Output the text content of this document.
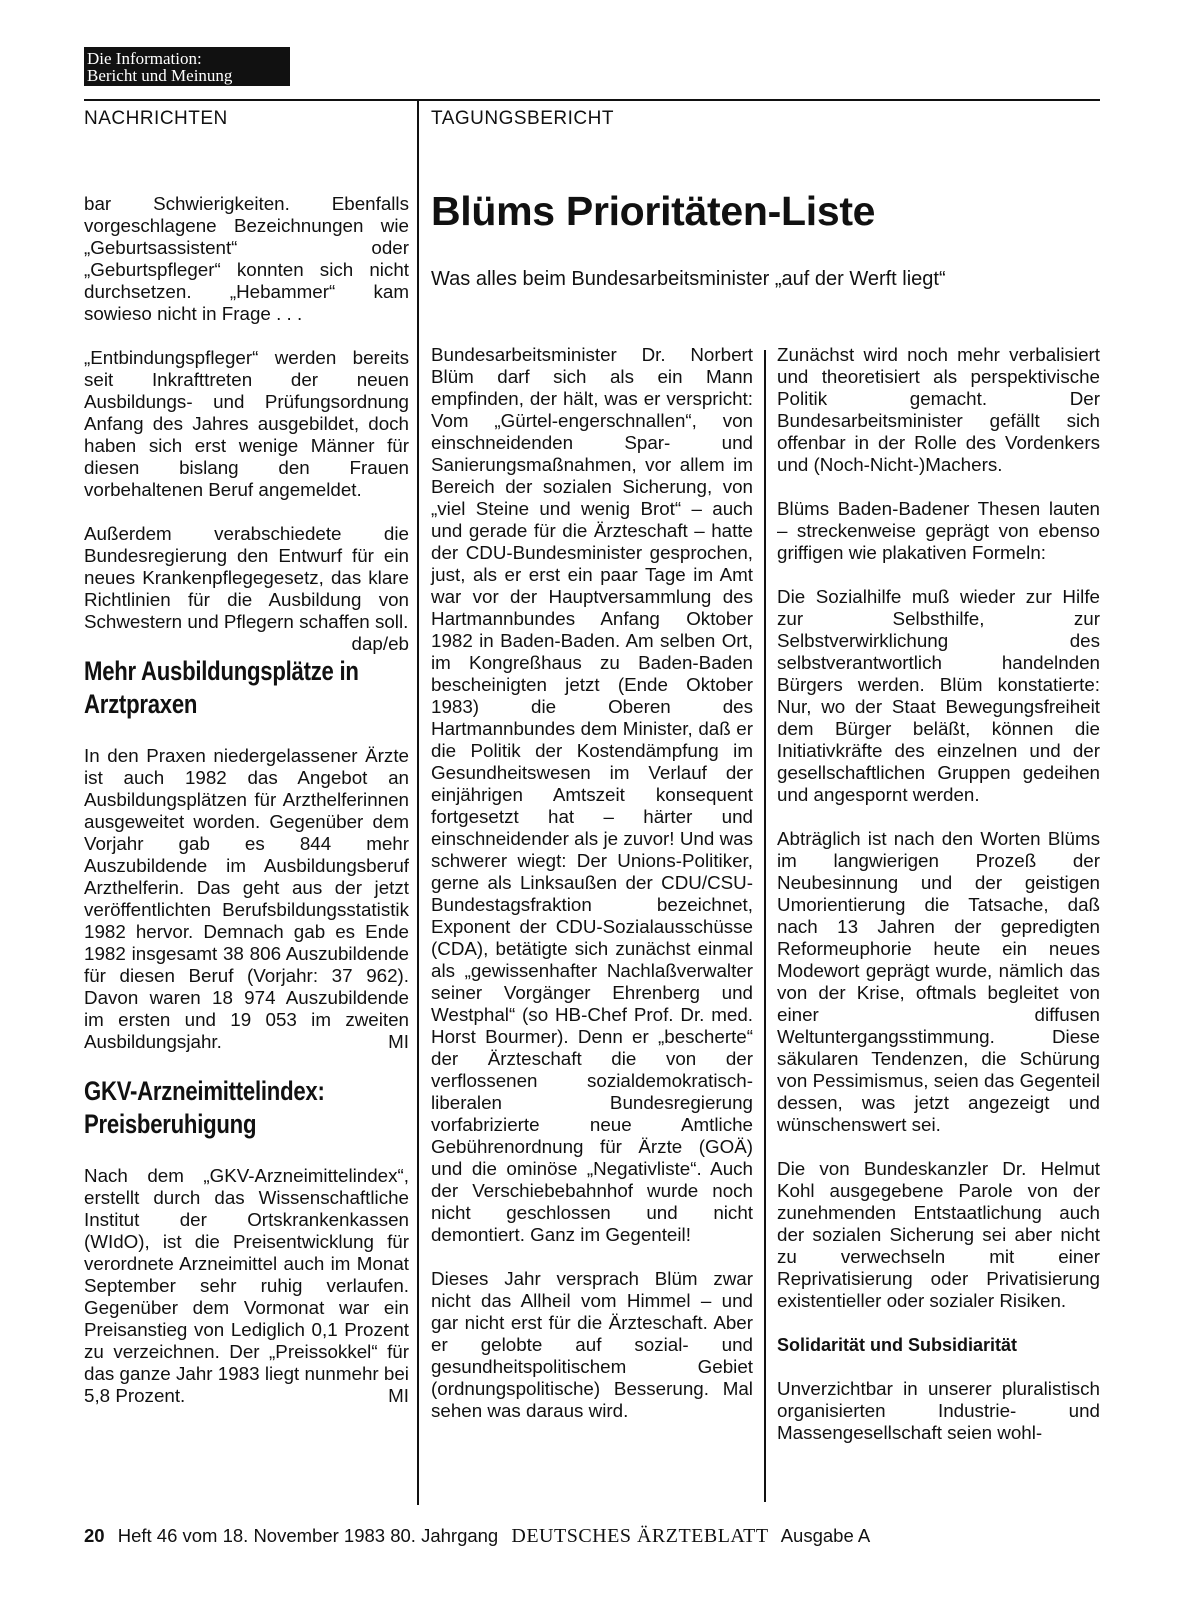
Die Information:
Bericht und Meinung
NACHRICHTEN	TAGUNGSBERICHT

bar Schwierigkeiten. Ebenfalls vorgeschlagene Bezeichnungen wie „Geburtsassistent“ oder „Geburtspfleger“ konnten sich nicht durchsetzen. „Hebammer“ kam sowieso nicht in Frage . . .

„Entbindungspfleger“ werden bereits seit Inkrafttreten der neuen Ausbildungs- und Prüfungsordnung Anfang des Jahres ausgebildet, doch haben sich erst wenige Männer für diesen bislang den Frauen vorbehaltenen Beruf angemeldet.

Außerdem verabschiedete die Bundesregierung den Entwurf für ein neues Krankenpflegegesetz, das klare Richtlinien für die Ausbildung von Schwestern und Pflegern schaffen soll.
dap/eb

Mehr Ausbildungsplätze in Arztpraxen

In den Praxen niedergelassener Ärzte ist auch 1982 das Angebot an Ausbildungsplätzen für Arzthelferinnen ausgeweitet worden. Gegenüber dem Vorjahr gab es 844 mehr Auszubildende im Ausbildungsberuf Arzthelferin. Das geht aus der jetzt veröffentlichten Berufsbildungsstatistik 1982 hervor. Demnach gab es Ende 1982 insgesamt 38 806 Auszubildende für diesen Beruf (Vorjahr: 37 962). Davon waren 18 974 Auszubildende im ersten und 19 053 im zweiten Ausbildungsjahr.	MI

GKV-Arzneimittelindex: Preisberuhigung

Nach dem „GKV-Arzneimittelindex“, erstellt durch das Wissenschaftliche Institut der Ortskrankenkassen (WIdO), ist die Preisentwicklung für verordnete Arzneimittel auch im Monat September sehr ruhig verlaufen. Gegenüber dem Vormonat war ein Preisanstieg von Lediglich 0,1 Prozent zu verzeichnen. Der „Preissokkel“ für das ganze Jahr 1983 liegt nunmehr bei 5,8 Prozent.	MI

Blüms Prioritäten-Liste

Was alles beim Bundesarbeitsminister „auf der Werft liegt“

Bundesarbeitsminister Dr. Norbert Blüm darf sich als ein Mann empfinden, der hält, was er verspricht: Vom „Gürtel-engerschnallen“, von einschneidenden Spar- und Sanierungsmaßnahmen, vor allem im Bereich der sozialen Sicherung, von „viel Steine und wenig Brot“ – auch und gerade für die Ärzteschaft – hatte der CDU-Bundesminister gesprochen, just, als er erst ein paar Tage im Amt war vor der Hauptversammlung des Hartmannbundes Anfang Oktober 1982 in Baden-Baden. Am selben Ort, im Kongreßhaus zu Baden-Baden bescheinigten jetzt (Ende Oktober 1983) die Oberen des Hartmannbundes dem Minister, daß er die Politik der Kostendämpfung im Gesundheitswesen im Verlauf der einjährigen Amtszeit konsequent fortgesetzt hat – härter und einschneidender als je zuvor! Und was schwerer wiegt: Der Unions-Politiker, gerne als Linksaußen der CDU/CSU-Bundestagsfraktion bezeichnet, Exponent der CDU-Sozialausschüsse (CDA), betätigte sich zunächst einmal als „gewissenhafter Nachlaßverwalter seiner Vorgänger Ehrenberg und Westphal“ (so HB-Chef Prof. Dr. med. Horst Bourmer). Denn er „bescherte“ der Ärzteschaft die von der verflossenen sozialdemokratisch-liberalen Bundesregierung vorfabrizierte neue Amtliche Gebührenordnung für Ärzte (GOÄ) und die ominöse „Negativliste“. Auch der Verschiebebahnhof wurde noch nicht geschlossen und nicht demontiert. Ganz im Gegenteil!

Dieses Jahr versprach Blüm zwar nicht das Allheil vom Himmel – und gar nicht erst für die Ärzteschaft. Aber er gelobte auf sozial- und gesundheitspolitischem Gebiet (ordnungspolitische) Besserung. Mal sehen was daraus wird.

Zunächst wird noch mehr verbalisiert und theoretisiert als perspektivische Politik gemacht. Der Bundesarbeitsminister gefällt sich offenbar in der Rolle des Vordenkers und (Noch-Nicht-)Machers.

Blüms Baden-Badener Thesen lauten – streckenweise geprägt von ebenso griffigen wie plakativen Formeln:

Die Sozialhilfe muß wieder zur Hilfe zur Selbsthilfe, zur Selbstverwirklichung des selbstverantwortlich handelnden Bürgers werden. Blüm konstatierte: Nur, wo der Staat Bewegungsfreiheit dem Bürger beläßt, können die Initiativkräfte des einzelnen und der gesellschaftlichen Gruppen gedeihen und angespornt werden.

Abträglich ist nach den Worten Blüms im langwierigen Prozeß der Neubesinnung und der geistigen Umorientierung die Tatsache, daß nach 13 Jahren der gepredigten Reformeuphorie heute ein neues Modewort geprägt wurde, nämlich das von der Krise, oftmals begleitet von einer diffusen Weltuntergangsstimmung. Diese säkularen Tendenzen, die Schürung von Pessimismus, seien das Gegenteil dessen, was jetzt angezeigt und wünschenswert sei.

Die von Bundeskanzler Dr. Helmut Kohl ausgegebene Parole von der zunehmenden Entstaatlichung auch der sozialen Sicherung sei aber nicht zu verwechseln mit einer Reprivatisierung oder Privatisierung existentieller oder sozialer Risiken.

Solidarität und Subsidiarität

Unverzichtbar in unserer pluralistisch organisierten Industrie- und Massengesellschaft seien wohl-

20 Heft 46 vom 18. November 1983 80. Jahrgang DEUTSCHES ÄRZTEBLATT Ausgabe A
